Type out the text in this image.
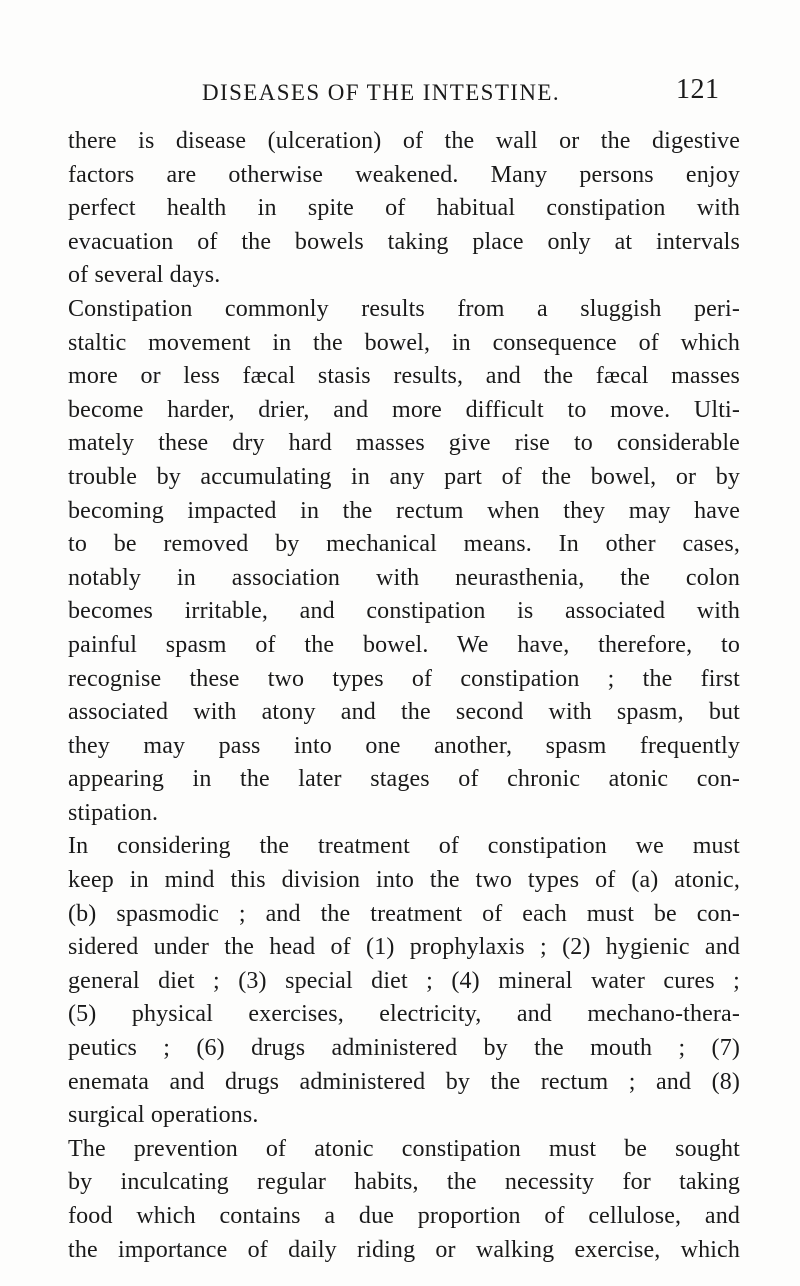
DISEASES OF THE INTESTINE.	121
there is disease (ulceration) of the wall or the digestive
factors are otherwise weakened. Many persons enjoy
perfect health in spite of habitual constipation with
evacuation of the bowels taking place only at intervals
of several days.
Constipation commonly results from a sluggish peri-
staltic movement in the bowel, in consequence of which
more or less fæcal stasis results, and the fæcal masses
become harder, drier, and more difficult to move. Ulti-
mately these dry hard masses give rise to considerable
trouble by accumulating in any part of the bowel, or by
becoming impacted in the rectum when they may have
to be removed by mechanical means. In other cases,
notably in association with neurasthenia, the colon
becomes irritable, and constipation is associated with
painful spasm of the bowel. We have, therefore, to
recognise these two types of constipation ; the first
associated with atony and the second with spasm, but
they may pass into one another, spasm frequently
appearing in the later stages of chronic atonic con-
stipation.
In considering the treatment of constipation we must
keep in mind this division into the two types of (a) atonic,
(b) spasmodic ; and the treatment of each must be con-
sidered under the head of (1) prophylaxis ; (2) hygienic and
general diet ; (3) special diet ; (4) mineral water cures ;
(5) physical exercises, electricity, and mechano-thera-
peutics ; (6) drugs administered by the mouth ; (7)
enemata and drugs administered by the rectum ; and (8)
surgical operations.
The prevention of atonic constipation must be sought
by inculcating regular habits, the necessity for taking
food which contains a due proportion of cellulose, and
the importance of daily riding or walking exercise, which
